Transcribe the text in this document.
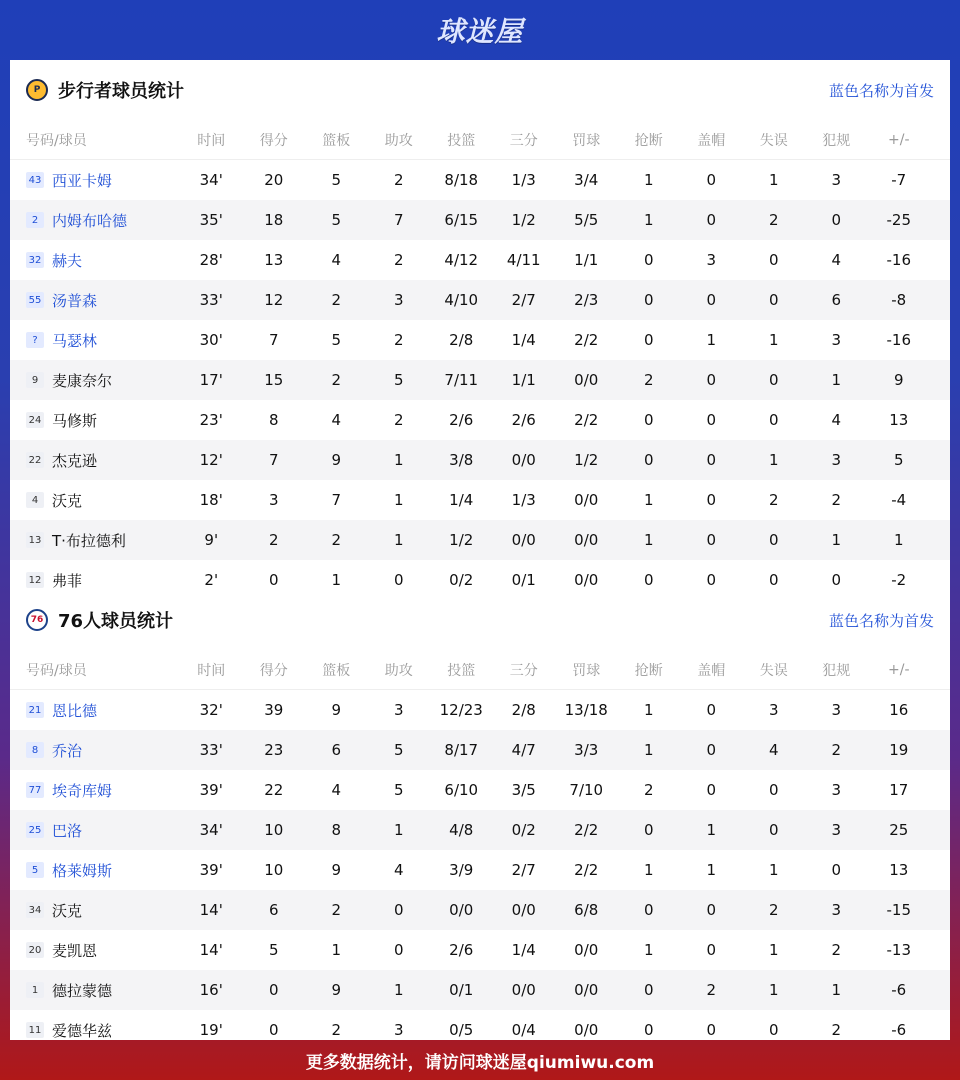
球迷屋
P 步行者球员统计	蓝色名称为首发
号码/球员	时间	得分	篮板	助攻	投篮	三分	罚球	抢断	盖帽	失误	犯规	+/-
43 西亚卡姆	34'	20	5	2	8/18	1/3	3/4	1	0	1	3	-7
2 内姆布哈德	35'	18	5	7	6/15	1/2	5/5	1	0	2	0	-25
32 赫夫	28'	13	4	2	4/12	4/11	1/1	0	3	0	4	-16
55 汤普森	33'	12	2	3	4/10	2/7	2/3	0	0	0	6	-8
? 马瑟林	30'	7	5	2	2/8	1/4	2/2	0	1	1	3	-16
9 麦康奈尔	17'	15	2	5	7/11	1/1	0/0	2	0	0	1	9
24 马修斯	23'	8	4	2	2/6	2/6	2/2	0	0	0	4	13
22 杰克逊	12'	7	9	1	3/8	0/0	1/2	0	0	1	3	5
4 沃克	18'	3	7	1	1/4	1/3	0/0	1	0	2	2	-4
13 T·布拉德利	9'	2	2	1	1/2	0/0	0/0	1	0	0	1	1
12 弗菲	2'	0	1	0	0/2	0/1	0/0	0	0	0	0	-2
76 76人球员统计	蓝色名称为首发
号码/球员	时间	得分	篮板	助攻	投篮	三分	罚球	抢断	盖帽	失误	犯规	+/-
21 恩比德	32'	39	9	3	12/23	2/8	13/18	1	0	3	3	16
8 乔治	33'	23	6	5	8/17	4/7	3/3	1	0	4	2	19
77 埃奇库姆	39'	22	4	5	6/10	3/5	7/10	2	0	0	3	17
25 巴洛	34'	10	8	1	4/8	0/2	2/2	0	1	0	3	25
5 格莱姆斯	39'	10	9	4	3/9	2/7	2/2	1	1	1	0	13
34 沃克	14'	6	2	0	0/0	0/0	6/8	0	0	2	3	-15
20 麦凯恩	14'	5	1	0	2/6	1/4	0/0	1	0	1	2	-13
1 德拉蒙德	16'	0	9	1	0/1	0/0	0/0	0	2	1	1	-6
11 爱德华兹	19'	0	2	3	0/5	0/4	0/0	0	0	0	2	-6
更多数据统计，请访问球迷屋qiumiwu.com
